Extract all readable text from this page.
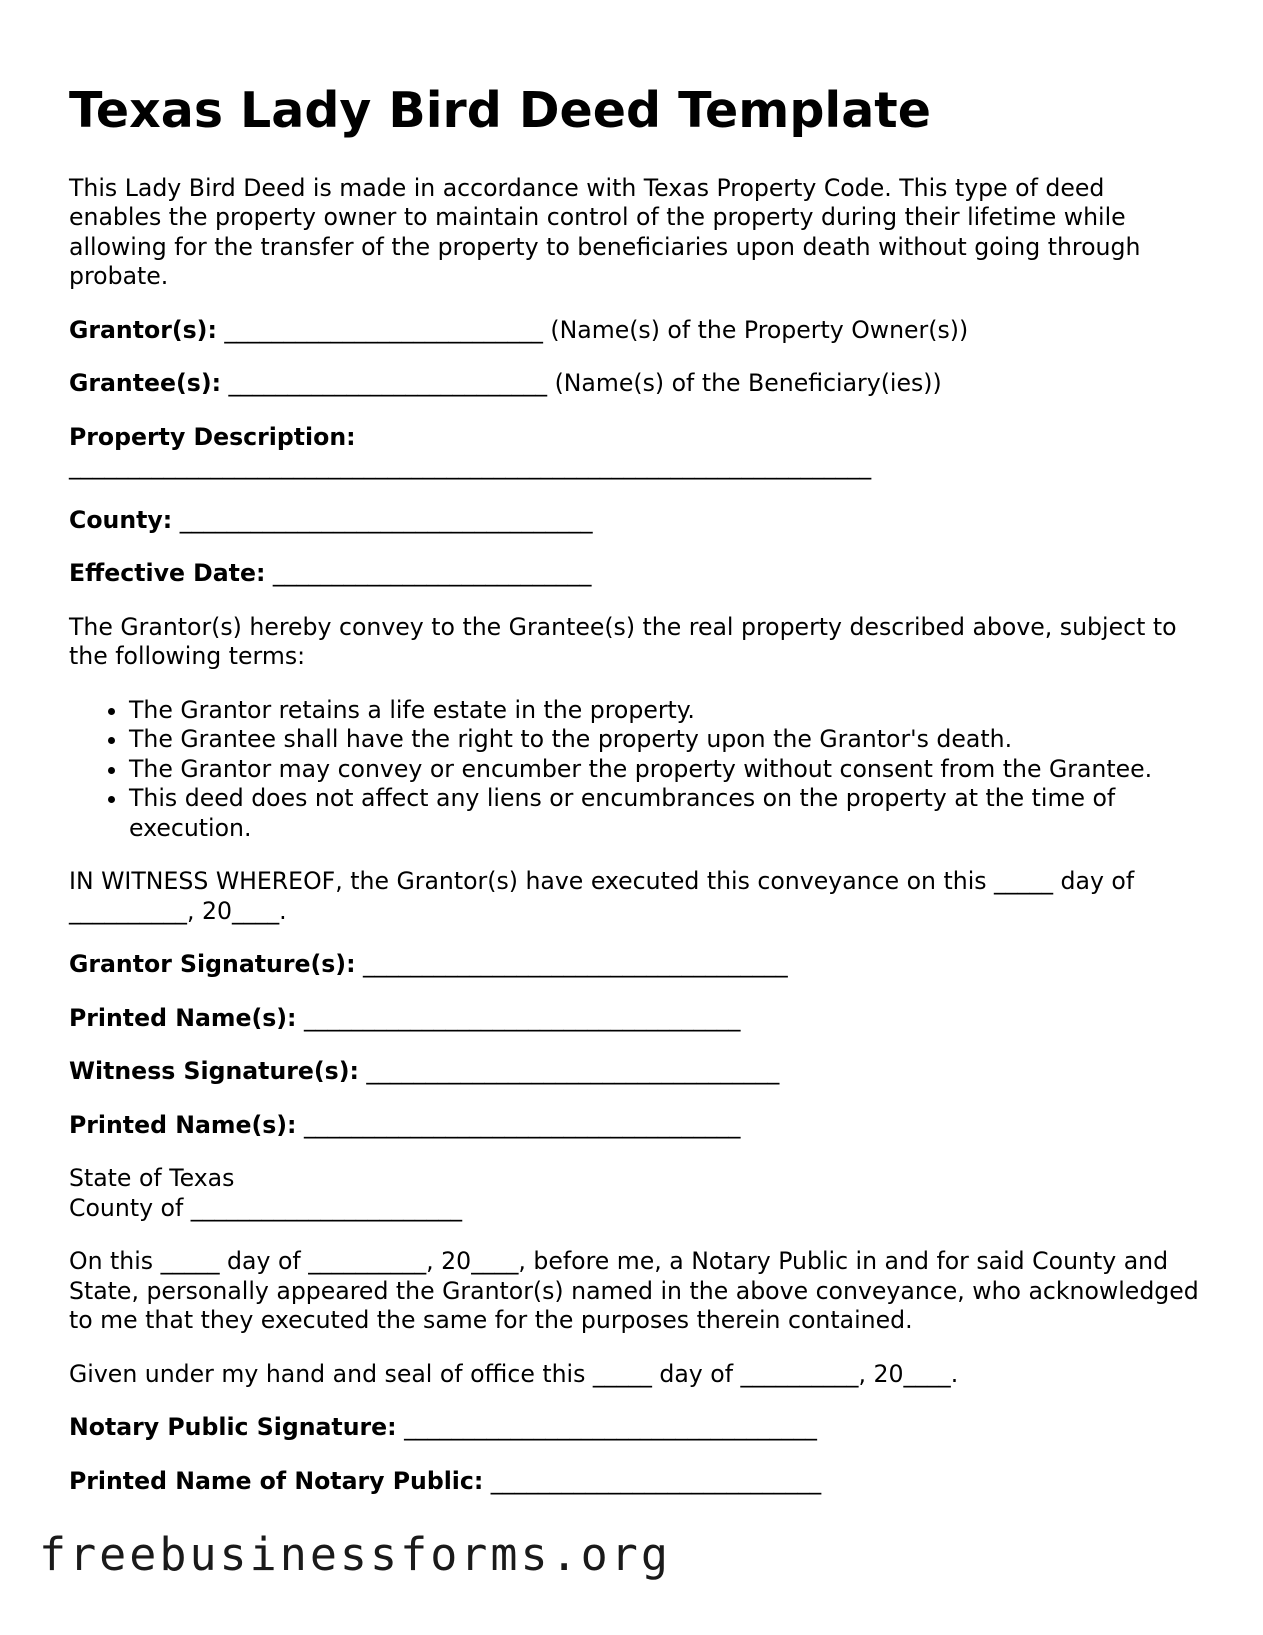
Texas Lady Bird Deed Template

This Lady Bird Deed is made in accordance with Texas Property Code. This type of deed enables the property owner to maintain control of the property during their lifetime while allowing for the transfer of the property to beneficiaries upon death without going through probate.

Grantor(s): ___________________________ (Name(s) of the Property Owner(s))
Grantee(s): ___________________________ (Name(s) of the Beneficiary(ies))
Property Description:
____________________________________________________________________
County: ___________________________________
Effective Date: ___________________________

The Grantor(s) hereby convey to the Grantee(s) the real property described above, subject to the following terms:

• The Grantor retains a life estate in the property.
• The Grantee shall have the right to the property upon the Grantor's death.
• The Grantor may convey or encumber the property without consent from the Grantee.
• This deed does not affect any liens or encumbrances on the property at the time of execution.

IN WITNESS WHEREOF, the Grantor(s) have executed this conveyance on this _____ day of __________, 20____.

Grantor Signature(s): ____________________________________
Printed Name(s): _____________________________________
Witness Signature(s): ___________________________________
Printed Name(s): _____________________________________
State of Texas
County of _______________________

On this _____ day of __________, 20____, before me, a Notary Public in and for said County and State, personally appeared the Grantor(s) named in the above conveyance, who acknowledged to me that they executed the same for the purposes therein contained.

Given under my hand and seal of office this _____ day of __________, 20____.

Notary Public Signature: ___________________________________
Printed Name of Notary Public: ____________________________
freebusinessforms.org
